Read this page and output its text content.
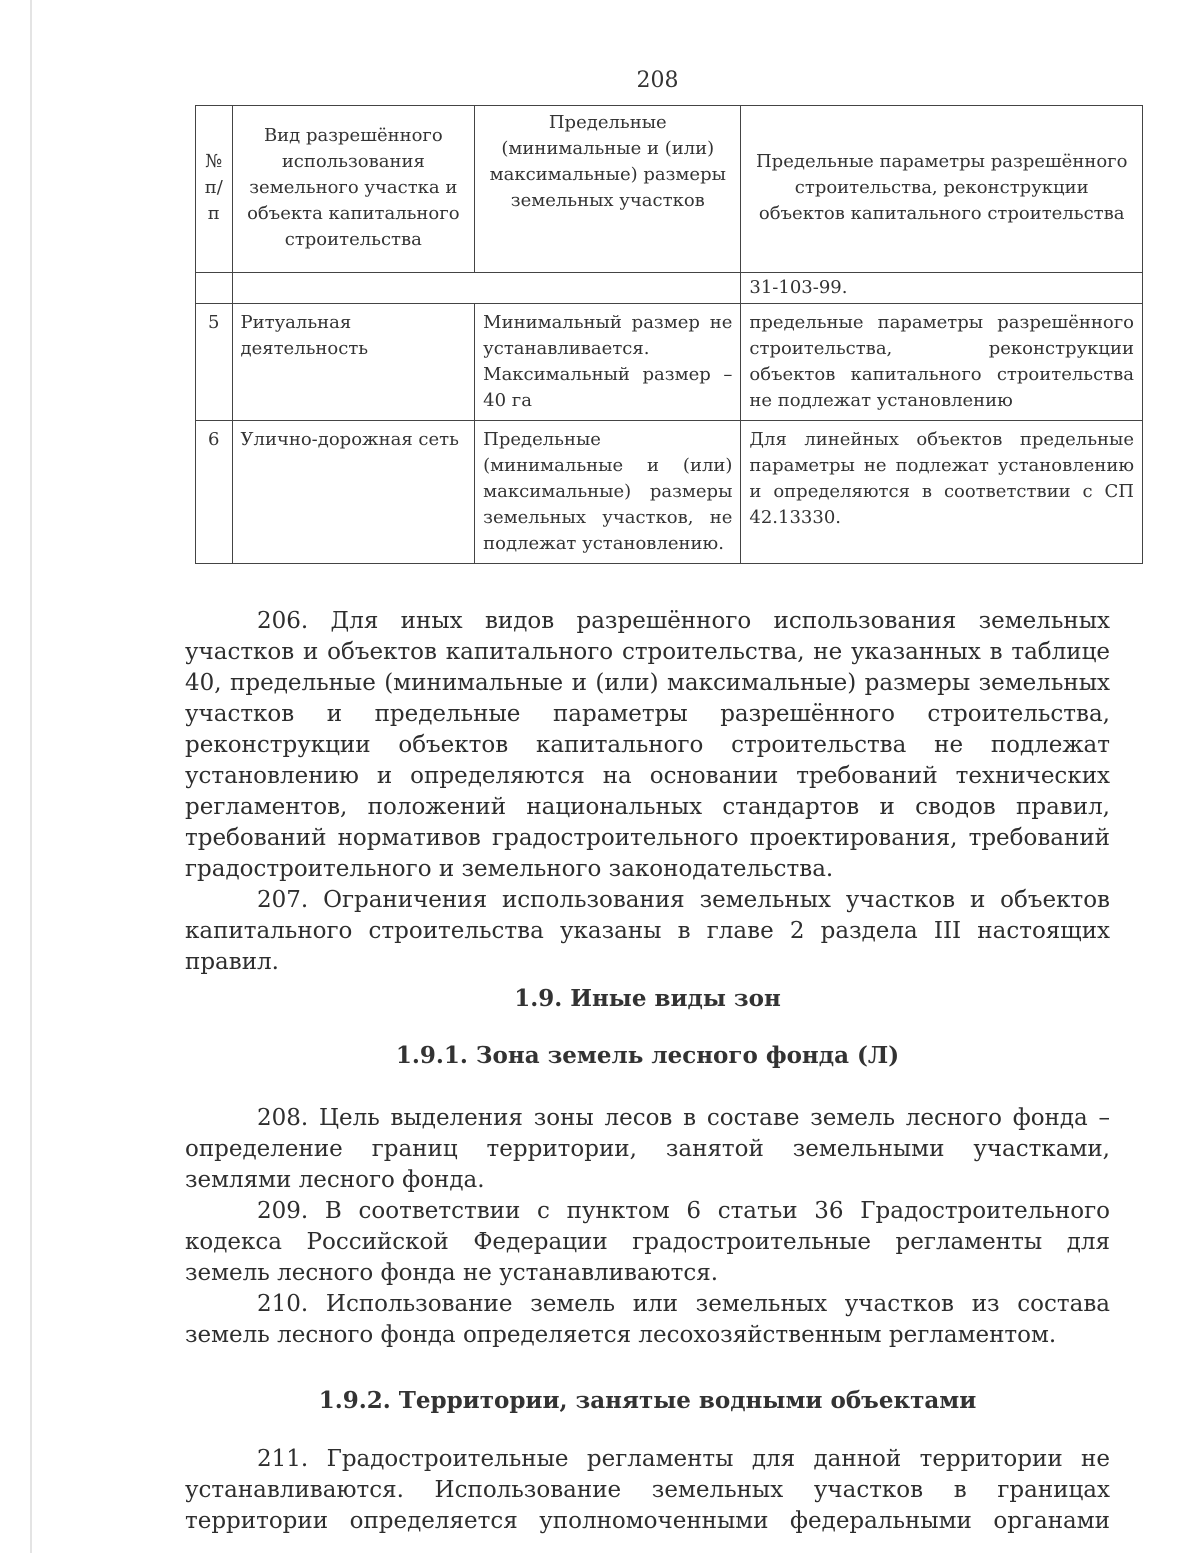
208
№ п/п	Вид разрешённого использования земельного участка и объекта капитального строительства	Предельные (минимальные и (или) максимальные) размеры земельных участков	Предельные параметры разрешённого строительства, реконструкции объектов капитального строительства
			31-103-99.
5	Ритуальная деятельность	Минимальный размер не устанавливается. Максимальный размер – 40 га	предельные параметры разрешённого строительства, реконструкции объектов капитального строительства не подлежат установлению
6	Улично-дорожная сеть	Предельные (минимальные и (или) максимальные) размеры земельных участков, не подлежат установлению.	Для линейных объектов предельные параметры не подлежат установлению и определяются в соответствии с СП 42.13330.

206. Для иных видов разрешённого использования земельных участков и объектов капитального строительства, не указанных в таблице 40, предельные (минимальные и (или) максимальные) размеры земельных участков и предельные параметры разрешённого строительства, реконструкции объектов капитального строительства не подлежат установлению и определяются на основании требований технических регламентов, положений национальных стандартов и сводов правил, требований нормативов градостроительного проектирования, требований градостроительного и земельного законодательства.

207. Ограничения использования земельных участков и объектов капитального строительства указаны в главе 2 раздела III настоящих правил.

1.9. Иные виды зон

1.9.1. Зона земель лесного фонда (Л)

208. Цель выделения зоны лесов в составе земель лесного фонда – определение границ территории, занятой земельными участками, землями лесного фонда.

209. В соответствии с пунктом 6 статьи 36 Градостроительного кодекса Российской Федерации градостроительные регламенты для земель лесного фонда не устанавливаются.

210. Использование земель или земельных участков из состава земель лесного фонда определяется лесохозяйственным регламентом.

1.9.2. Территории, занятые водными объектами

211. Градостроительные регламенты для данной территории не устанавливаются. Использование земельных участков в границах территории определяется уполномоченными федеральными органами
